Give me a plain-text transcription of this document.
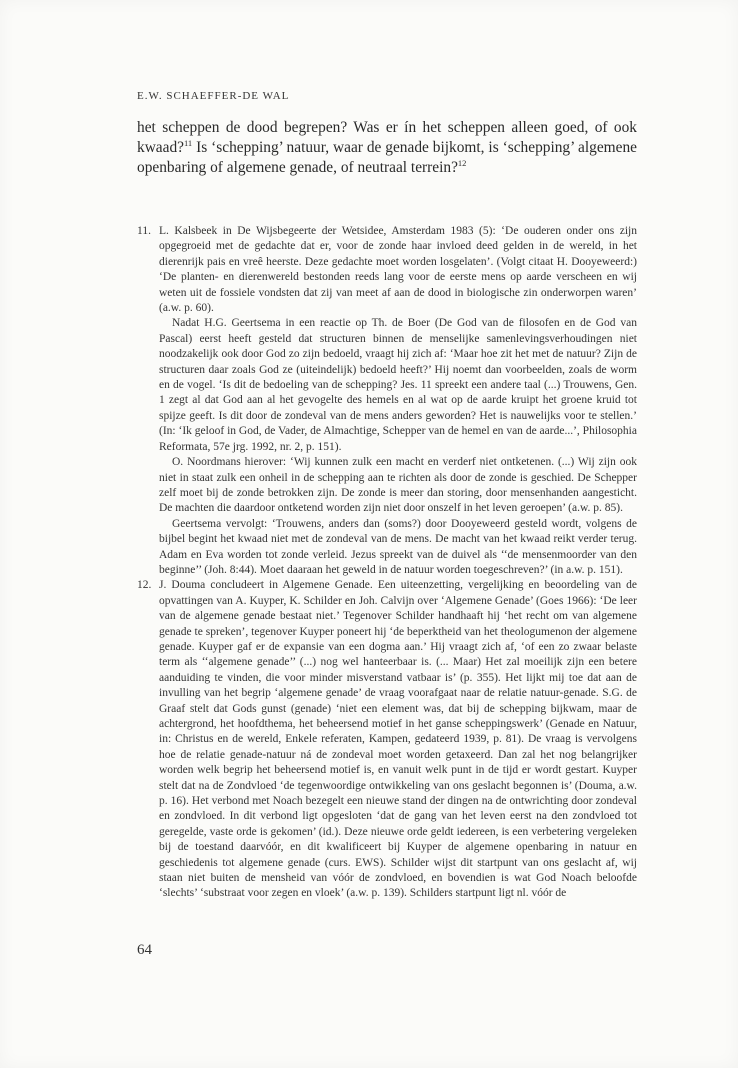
E.W. SCHAEFFER-DE WAL

het scheppen de dood begrepen? Was er ín het scheppen alleen goed, of ook kwaad?$^{11}$ Is ‘schepping’ natuur, waar de genade bijkomt, is ‘schepping’ algemene openbaring of algemene genade, of neutraal terrein?$^{12}$

11. L. Kalsbeek in De Wijsbegeerte der Wetsidee, Amsterdam 1983 (5): ‘De ouderen onder ons zijn opgegroeid met de gedachte dat er, voor de zonde haar invloed deed gelden in de wereld, in het dierenrijk pais en vreê heerste. Deze gedachte moet worden losgelaten’. (Volgt citaat H. Dooyeweerd:) ‘De planten- en dierenwereld bestonden reeds lang voor de eerste mens op aarde verscheen en wij weten uit de fossiele vondsten dat zij van meet af aan de dood in biologische zin onderworpen waren’ (a.w. p. 60).

Nadat H.G. Geertsema in een reactie op Th. de Boer (De God van de filosofen en de God van Pascal) eerst heeft gesteld dat structuren binnen de menselijke samenlevingsverhoudingen niet noodzakelijk ook door God zo zijn bedoeld, vraagt hij zich af: ‘Maar hoe zit het met de natuur? Zijn de structuren daar zoals God ze (uiteindelijk) bedoeld heeft?’ Hij noemt dan voorbeelden, zoals de worm en de vogel. ‘Is dit de bedoeling van de schepping? Jes. 11 spreekt een andere taal (...) Trouwens, Gen. 1 zegt al dat God aan al het gevogelte des hemels en al wat op de aarde kruipt het groene kruid tot spijze geeft. Is dit door de zondeval van de mens anders geworden? Het is nauwelijks voor te stellen.’ (In: ‘Ik geloof in God, de Vader, de Almachtige, Schepper van de hemel en van de aarde...’, Philosophia Reformata, 57e jrg. 1992, nr. 2, p. 151).

O. Noordmans hierover: ‘Wij kunnen zulk een macht en verderf niet ontketenen. (...) Wij zijn ook niet in staat zulk een onheil in de schepping aan te richten als door de zonde is geschied. De Schepper zelf moet bij de zonde betrokken zijn. De zonde is meer dan storing, door mensenhanden aangesticht. De machten die daardoor ontketend worden zijn niet door onszelf in het leven geroepen’ (a.w. p. 85).

Geertsema vervolgt: ‘Trouwens, anders dan (soms?) door Dooyeweerd gesteld wordt, volgens de bijbel begint het kwaad niet met de zondeval van de mens. De macht van het kwaad reikt verder terug. Adam en Eva worden tot zonde verleid. Jezus spreekt van de duivel als ‘‘de mensenmoorder van den beginne’’ (Joh. 8:44). Moet daaraan het geweld in de natuur worden toegeschreven?’ (in a.w. p. 151).

12. J. Douma concludeert in Algemene Genade. Een uiteenzetting, vergelijking en beoordeling van de opvattingen van A. Kuyper, K. Schilder en Joh. Calvijn over ‘Algemene Genade’ (Goes 1966): ‘De leer van de algemene genade bestaat niet.’ Tegenover Schilder handhaaft hij ‘het recht om van algemene genade te spreken’, tegenover Kuyper poneert hij ‘de beperktheid van het theologumenon der algemene genade. Kuyper gaf er de expansie van een dogma aan.’ Hij vraagt zich af, ‘of een zo zwaar belaste term als ‘‘algemene genade’’ (...) nog wel hanteerbaar is. (... Maar) Het zal moeilijk zijn een betere aanduiding te vinden, die voor minder misverstand vatbaar is’ (p. 355). Het lijkt mij toe dat aan de invulling van het begrip ‘algemene genade’ de vraag voorafgaat naar de relatie natuur-genade. S.G. de Graaf stelt dat Gods gunst (genade) ‘niet een element was, dat bij de schepping bijkwam, maar de achtergrond, het hoofdthema, het beheersend motief in het ganse scheppingswerk’ (Genade en Natuur, in: Christus en de wereld, Enkele referaten, Kampen, gedateerd 1939, p. 81). De vraag is vervolgens hoe de relatie genade-natuur ná de zondeval moet worden getaxeerd. Dan zal het nog belangrijker worden welk begrip het beheersend motief is, en vanuit welk punt in de tijd er wordt gestart. Kuyper stelt dat na de Zondvloed ‘de tegenwoordige ontwikkeling van ons geslacht begonnen is’ (Douma, a.w. p. 16). Het verbond met Noach bezegelt een nieuwe stand der dingen na de ontwrichting door zondeval en zondvloed. In dit verbond ligt opgesloten ‘dat de gang van het leven eerst na den zondvloed tot geregelde, vaste orde is gekomen’ (id.). Deze nieuwe orde geldt iedereen, is een verbetering vergeleken bij de toestand daarvóór, en dit kwalificeert bij Kuyper de algemene openbaring in natuur en geschiedenis tot algemene genade (curs. EWS). Schilder wijst dit startpunt van ons geslacht af, wij staan niet buiten de mensheid van vóór de zondvloed, en bovendien is wat God Noach beloofde ‘slechts’ ‘substraat voor zegen en vloek’ (a.w. p. 139). Schilders startpunt ligt nl. vóór de

64
